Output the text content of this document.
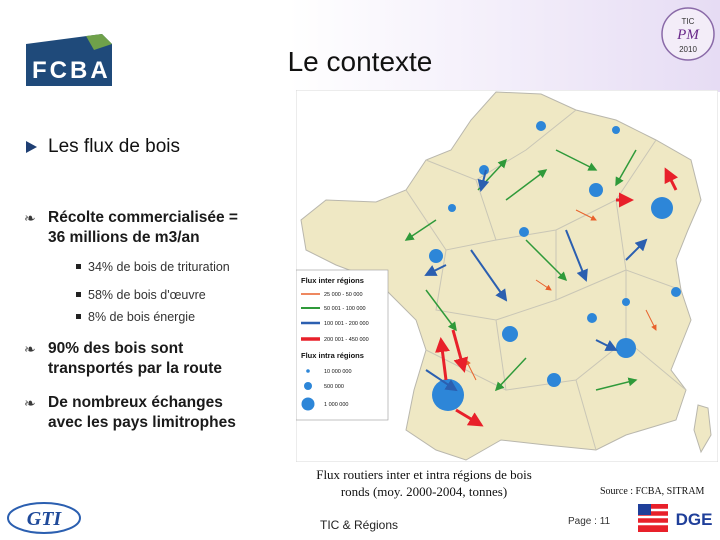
FCBA	Le contexte
TIC
PM
2010
Les flux de bois
❧ Récolte commercialisée =
36 millions de m3/an
34% de bois de trituration
58% de bois d'œuvre
8% de bois énergie
❧ 90% des bois sont
transportés par la route
❧ De nombreux échanges
avec les pays limitrophes
Flux inter régions
25 000 - 50 000
50 001 - 100 000
100 001 - 200 000
200 001 - 450 000
Flux intra régions
10 000 000
500 000
1 000 000
Flux routiers inter et intra régions de bois
ronds (moy. 2000-2004, tonnes)	Source : FCBA, SITRAM
GTI	TIC & Régions	Page : 11	DGE
